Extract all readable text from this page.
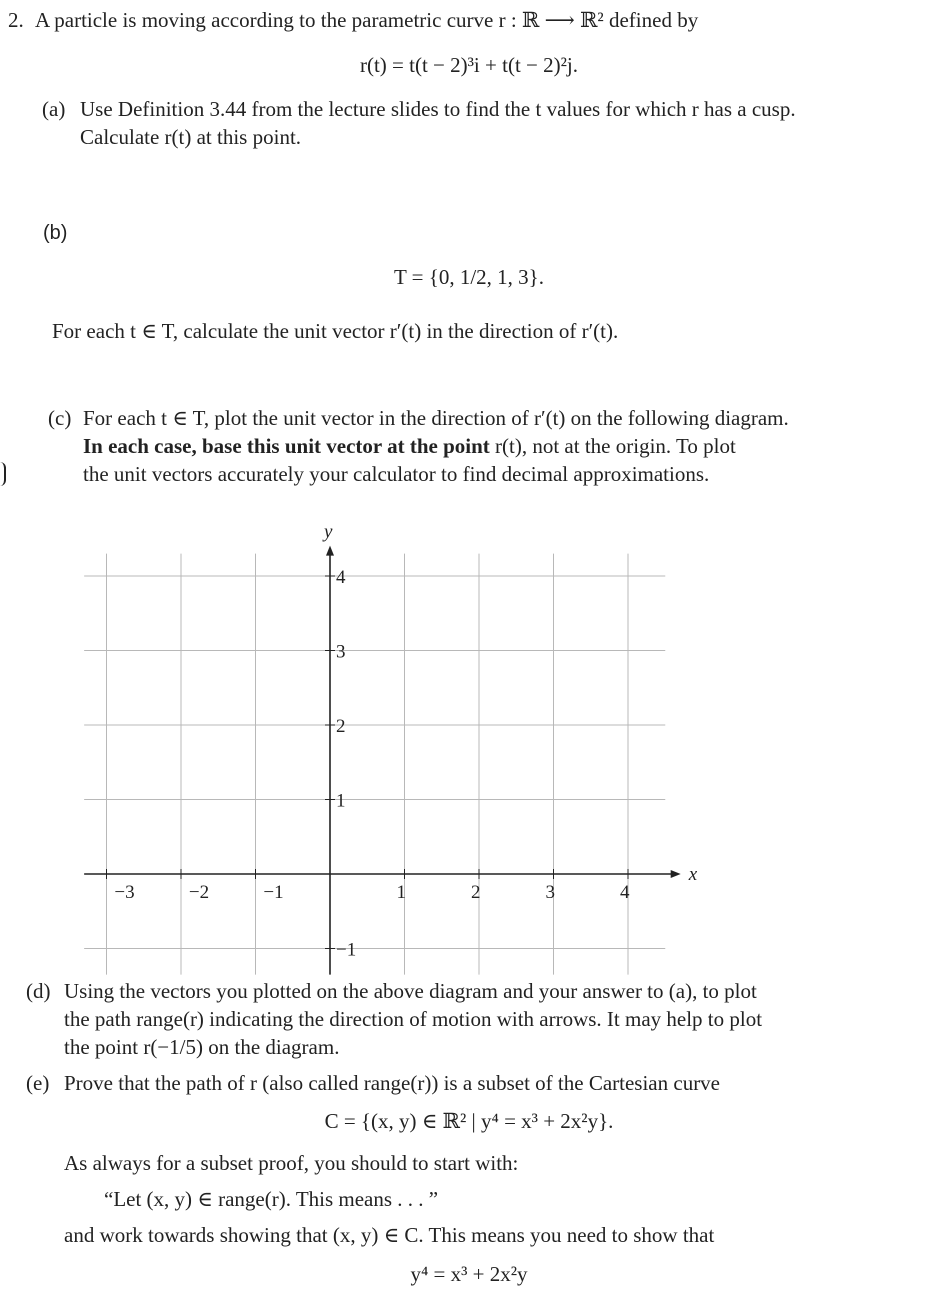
2. A particle is moving according to the parametric curve r : ℝ ⟶ ℝ² defined by
r(t) = t(t − 2)³i + t(t − 2)²j.
(a) Use Definition 3.44 from the lecture slides to find the t values for which r has a cusp.
Calculate r(t) at this point.
(b)
T = {0, 1/2, 1, 3}.
For each t ∈ T, calculate the unit vector r′(t) in the direction of r′(t).
(c) For each t ∈ T, plot the unit vector in the direction of r′(t) on the following diagram.
In each case, base this unit vector at the point r(t), not at the origin. To plot
the unit vectors accurately your calculator to find decimal approximations.
−3	−2	−1	1	2	3	4
−1
1
2
3
4
x
y
(d) Using the vectors you plotted on the above diagram and your answer to (a), to plot
the path range(r) indicating the direction of motion with arrows. It may help to plot
the point r(−1/5) on the diagram.
(e) Prove that the path of r (also called range(r)) is a subset of the Cartesian curve
C = {(x, y) ∈ ℝ² | y⁴ = x³ + 2x²y}.
As always for a subset proof, you should to start with:
“Let (x, y) ∈ range(r). This means . . . ”
and work towards showing that (x, y) ∈ C. This means you need to show that
y⁴ = x³ + 2x²y
